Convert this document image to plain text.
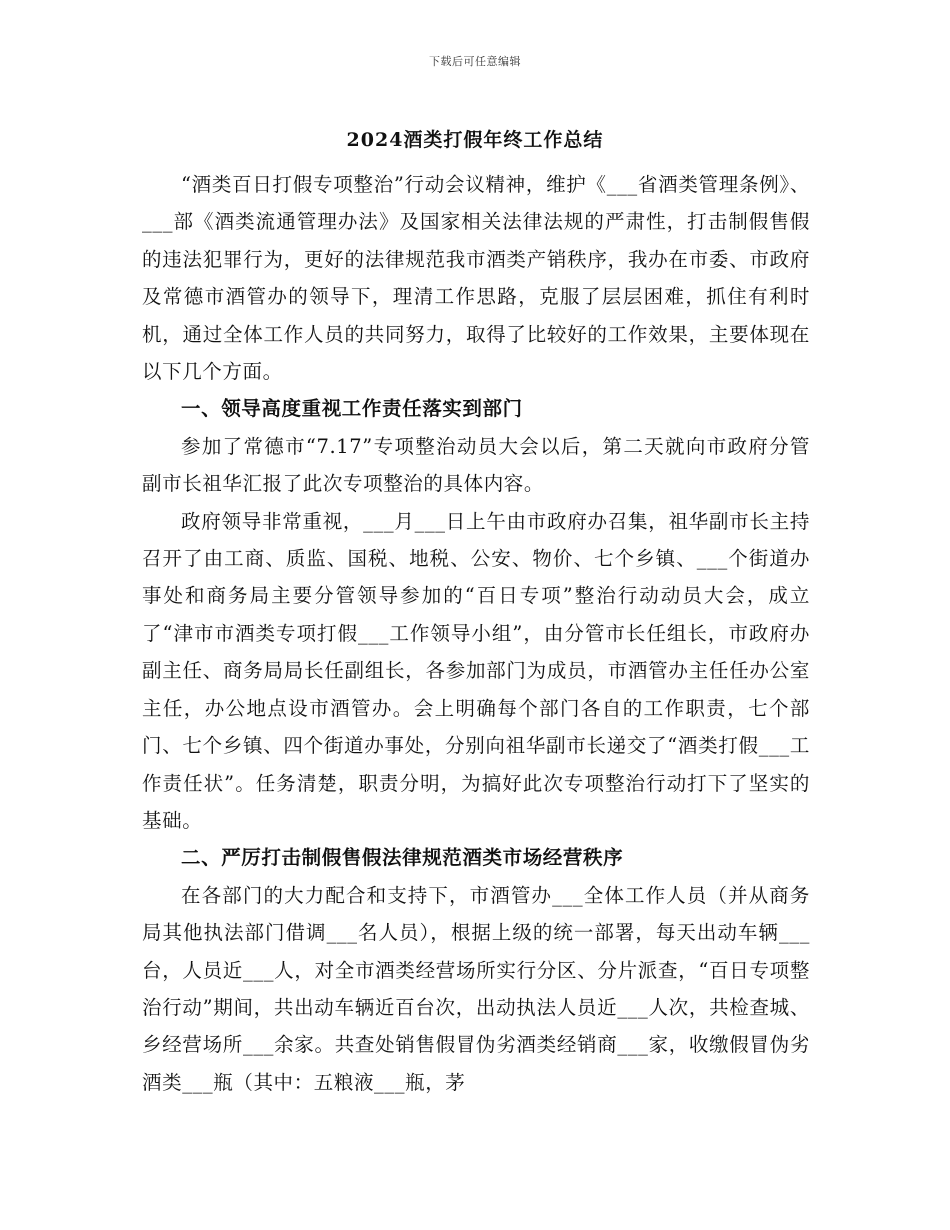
下载后可任意编辑
2024酒类打假年终工作总结

“酒类百日打假专项整治”行动会议精神，维护《___省酒类管理条例》、___部《酒类流通管理办法》及国家相关法律法规的严肃性，打击制假售假的违法犯罪行为，更好的法律规范我市酒类产销秩序，我办在市委、市政府及常德市酒管办的领导下，理清工作思路，克服了层层困难，抓住有利时机，通过全体工作人员的共同努力，取得了比较好的工作效果，主要体现在以下几个方面。

一、领导高度重视工作责任落实到部门

参加了常德市“7.17”专项整治动员大会以后，第二天就向市政府分管副市长祖华汇报了此次专项整治的具体内容。

政府领导非常重视，___月___日上午由市政府办召集，祖华副市长主持召开了由工商、质监、国税、地税、公安、物价、七个乡镇、___个街道办事处和商务局主要分管领导参加的“百日专项”整治行动动员大会，成立了“津市市酒类专项打假___工作领导小组”，由分管市长任组长，市政府办副主任、商务局局长任副组长，各参加部门为成员，市酒管办主任任办公室主任，办公地点设市酒管办。会上明确每个部门各自的工作职责，七个部门、七个乡镇、四个街道办事处，分别向祖华副市长递交了“酒类打假___工作责任状”。任务清楚，职责分明，为搞好此次专项整治行动打下了坚实的基础。

二、严厉打击制假售假法律规范酒类市场经营秩序

在各部门的大力配合和支持下，市酒管办___全体工作人员（并从商务局其他执法部门借调___名人员），根据上级的统一部署，每天出动车辆___台，人员近___人，对全市酒类经营场所实行分区、分片派查，“百日专项整治行动”期间，共出动车辆近百台次，出动执法人员近___人次，共检查城、乡经营场所___余家。共查处销售假冒伪劣酒类经销商___家，收缴假冒伪劣酒类___瓶（其中：五粮液___瓶，茅
